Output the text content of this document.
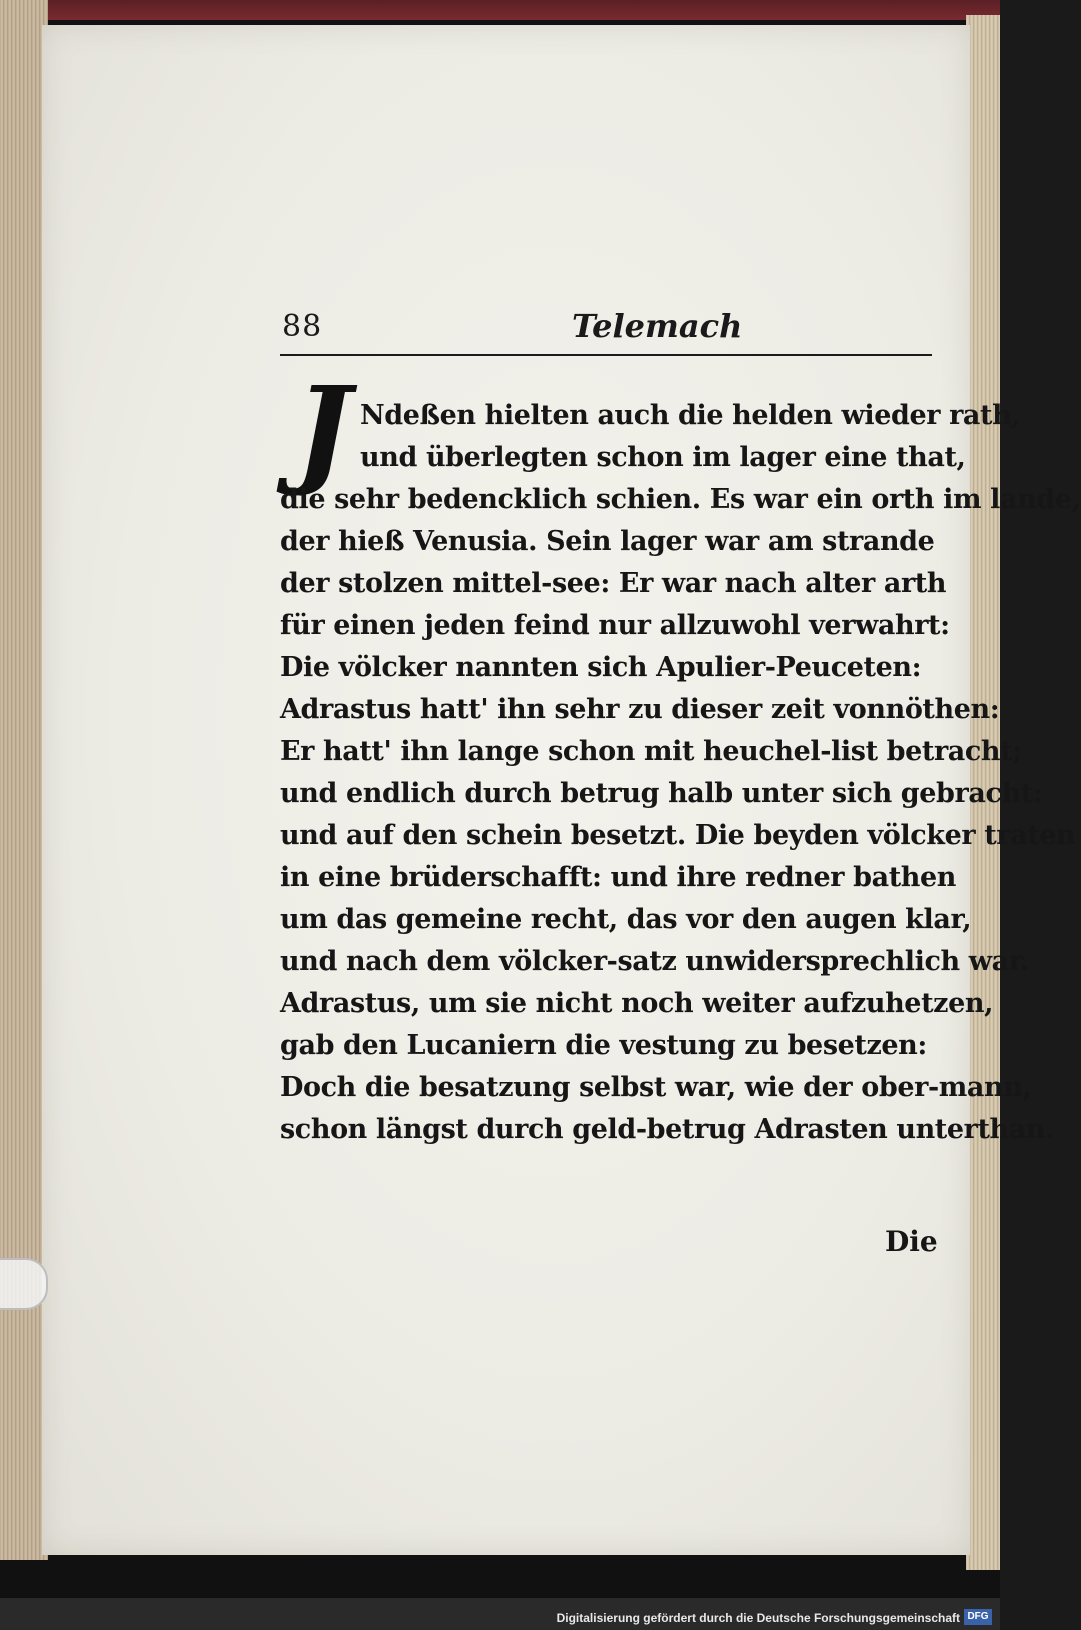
88	Telemach
J Ndeßen hielten auch die helden wieder rath,
und überlegten schon im lager eine that,
die sehr bedencklich schien. Es war ein orth im lande,
der hieß Venusia. Sein lager war am strande
der stolzen mittel-see: Er war nach alter arth
für einen jeden feind nur allzuwohl verwahrt:
Die völcker nannten sich Apulier-Peuceten:
Adrastus hatt' ihn sehr zu dieser zeit vonnöthen:
Er hatt' ihn lange schon mit heuchel-list betracht;
und endlich durch betrug halb unter sich gebracht:
und auf den schein besetzt. Die beyden völcker traten
in eine brüderschafft: und ihre redner bathen
um das gemeine recht, das vor den augen klar,
und nach dem völcker-satz unwidersprechlich war.
Adrastus, um sie nicht noch weiter aufzuhetzen,
gab den Lucaniern die vestung zu besetzen:
Doch die besatzung selbst war, wie der ober-mann,
schon längst durch geld-betrug Adrasten unterthan.
Die
Digitalisierung gefördert durch die Deutsche Forschungsgemeinschaft DFG
